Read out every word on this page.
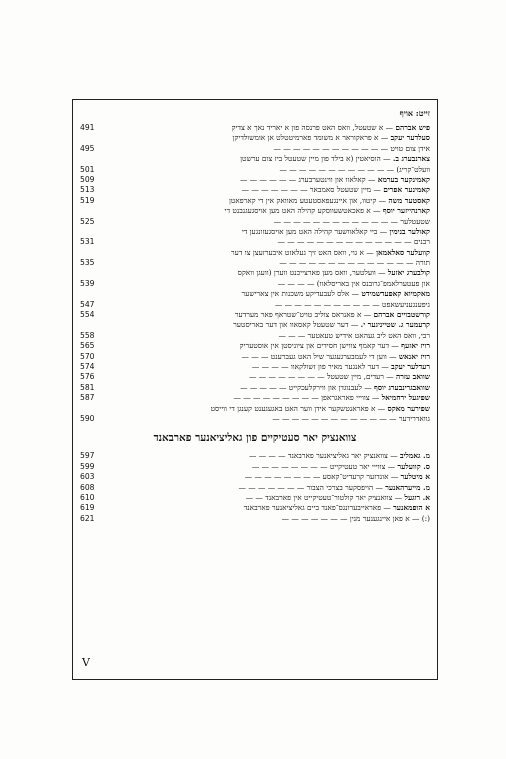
זייט: אויף
491	פיש אברהם — א שטעטל, וואס האט פרנסה פון א יאריד נאך א צדיק
סעלדער יעקב — א פראקוראר א משומד פארמיטטלט אן אומשולדיקן
495	אידן צום טויט — — — — — — — — — — — —
צארנבערג ב. — הוסיאטין (א בילד פון מיין שטעטל ביז צום ערשטן
501	וועלט־קריג) — — — — — — — — — — — —
509	קאמינקער בערמא — קאלאוו און ווינטערבערג — — — — — —
513	קאמינער אפרים — מיין שטעטל סאמבאר — — — — — — —
519	קאסטער משה — קיטוו, און איינגעפאסטעטע מאוואק אין די קארפאטן
קארנהייזער יוסף — א פאכאטשעווסקע קהילה האט מען אויסגעגנבנט די
525	שטעטלער — — — — — — — — — — — — —
קאולער בנימין — ביי קאלאוושער קהילה האט מען אויסגעזונגען די
531	רבנים — — — — — — — — — — — — — —
קוועלער סאלאמאן — א גוי, וואס האט זיך געלאזט איבערזעצן צו דער
535	תורה — — — — — — — — — — — — — —
קולבערג יאזעל — וועלטער, וואס מען פארצייכנט ווערן (וועגן וואקס
539	און פעטערלאמפ־גרובנס אין באריסלאוו) — — — —
מאקמיוא קאפעדשמידט — אלס לעבעדיקע משכנות אין צארישער
547	גיפענגעניעשאפט — — — — — — — — — — —
554	קורשטבויים אברהם — א פאנראס צוליב טויט־שטראף פאר מערדער
קרעמער ג. שטייניגער י. — דער שטעטל קאסאוו און דער באריסטער
558	רבי, וואס האט ליב געהאט אידיש טעאטער — — —
565	רויז יאזעף — דער קאמף צווישן חסידים און ציוניסטן אין אוסטעריק
570	רויז יאנאש — ווען די לעמבערגעגער שיל האט געברענט — — —
574	רעדלער יעקב — דער לאנגער מאיר פון זשולקאוו — — — —
576	שוואב עזרה — רעדים, מיין שטעטל — — — — — — — —
581	שוואבגרינבערג יוסף — לעבנוגדן און ווירקלעכקייט — — — — —
587	שפיגעל ירחמיאל — צווייי פאראגראפן — — — — — — — — —
שפירער מאקס — א פאראנטשקער אידן ווער האט באגעגענט קענגן די ווייסט
590	גוואדרידער — — — — — — — — — — — — —
צוואנציק יאר סעטיקיים פון גאליציאנער פארבאנד
597	מ. גאמליב — צוואנציק יאר גאליציאנער פארבאנד — — — —
599	ס. קוועלער — צווייי יאר טעטיקייט — — — — — — — —
603	א מיטלער — אונדזער קרעדיט־קאסע — — — — — — — —
608	מ. מייערהאנער — הויפסקער בצרכי הצבור — — — — — — —
610	א. רוגעל — צוואנציק יאר קולטור־טעטיקייט אין פארבאנד — —
619	א הופמאנער — פאראייבערונגס־פאנד ביים גאליציאנער פארבאנד
621	(:) — א פאן איינגענער מנין — — — — — — —
V
